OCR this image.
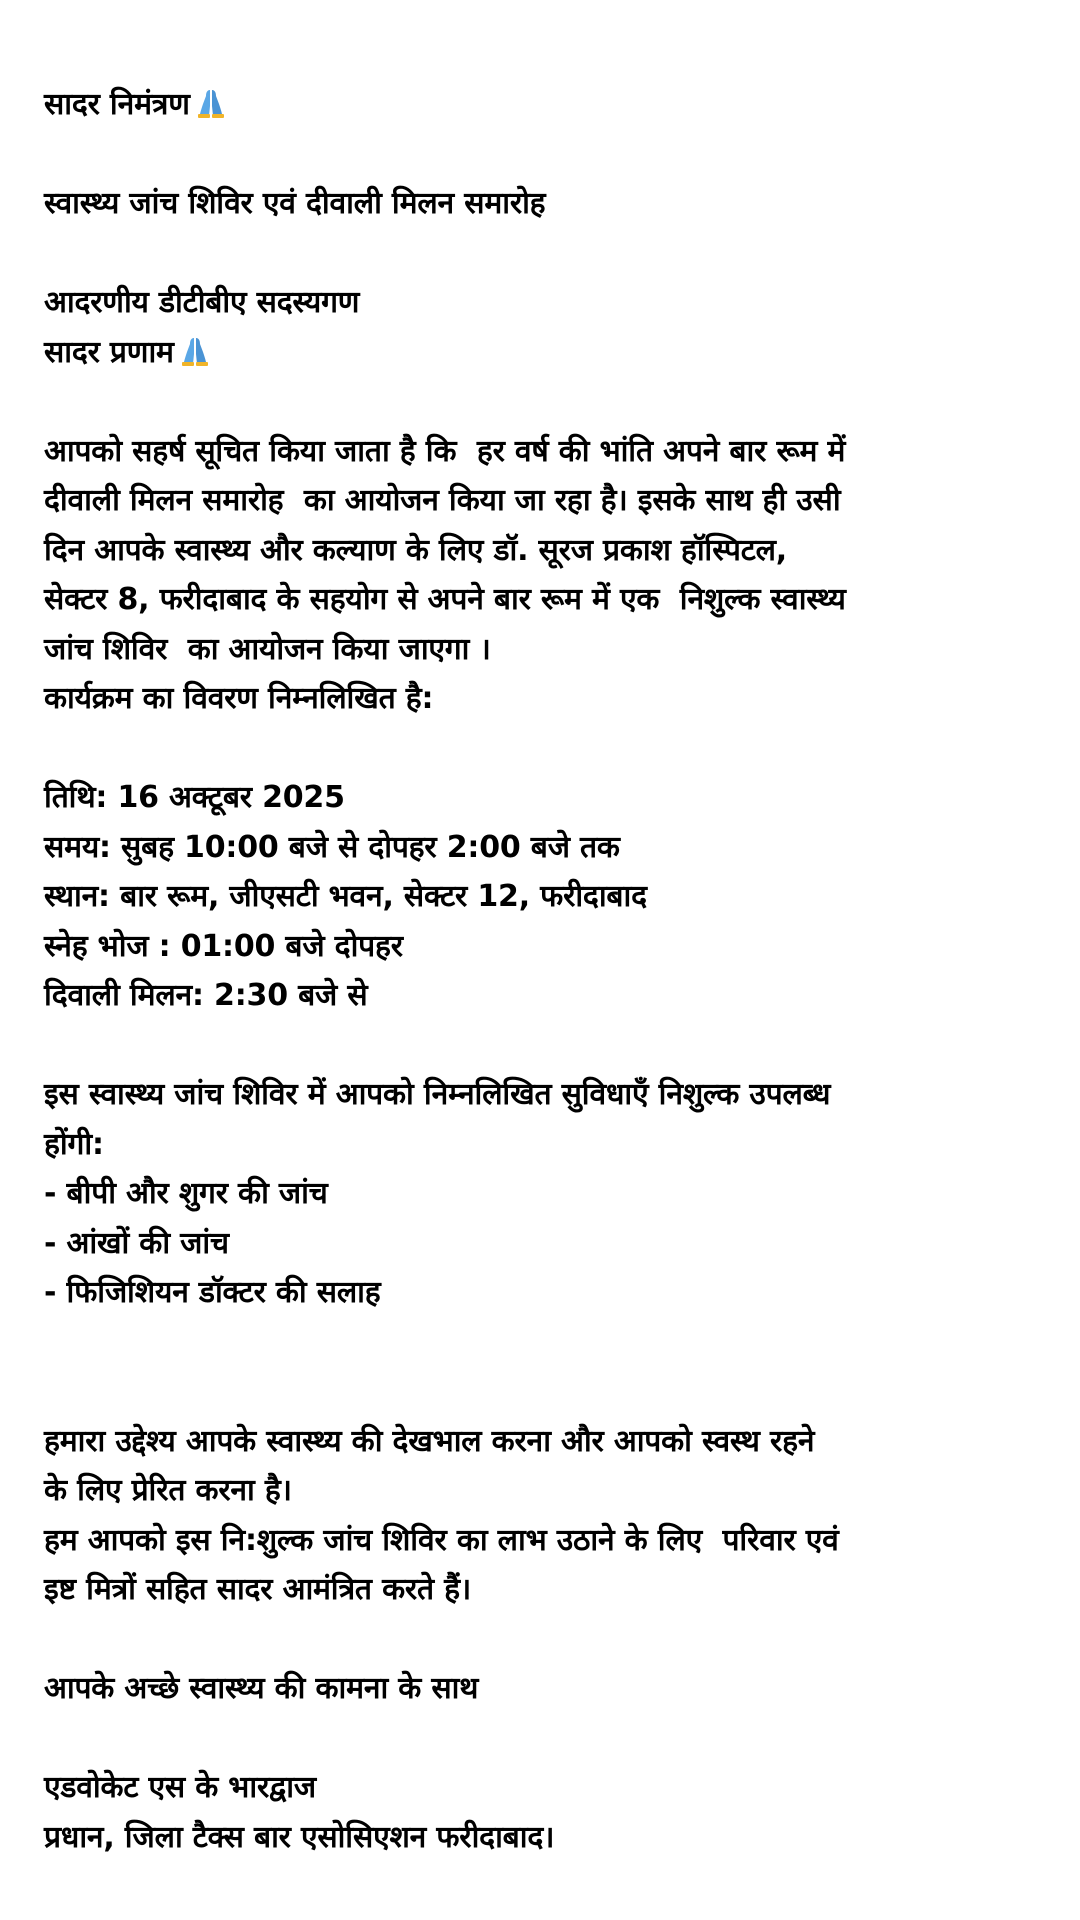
सादर निमंत्रण
स्वास्थ्य जांच शिविर एवं दीवाली मिलन समारोह
आदरणीय डीटीबीए सदस्यगण
सादर प्रणाम
आपको सहर्ष सूचित किया जाता है कि  हर वर्ष की भांति अपने बार रूम में
दीवाली मिलन समारोह  का आयोजन किया जा रहा है। इसके साथ ही उसी
दिन आपके स्वास्थ्य और कल्याण के लिए डॉ. सूरज प्रकाश हॉस्पिटल,
सेक्टर 8, फरीदाबाद के सहयोग से अपने बार रूम में एक  निशुल्क स्वास्थ्य
जांच शिविर  का आयोजन किया जाएगा ।
कार्यक्रम का विवरण निम्नलिखित है:
तिथि: 16 अक्टूबर 2025
समय: सुबह 10:00 बजे से दोपहर 2:00 बजे तक
स्थान: बार रूम, जीएसटी भवन, सेक्टर 12, फरीदाबाद
स्नेह भोज : 01:00 बजे दोपहर
दिवाली मिलन: 2:30 बजे से
इस स्वास्थ्य जांच शिविर में आपको निम्नलिखित सुविधाएँ निशुल्क उपलब्ध
होंगी:
- बीपी और शुगर की जांच
- आंखों की जांच
- फिजिशियन डॉक्टर की सलाह
हमारा उद्देश्य आपके स्वास्थ्य की देखभाल करना और आपको स्वस्थ रहने
के लिए प्रेरित करना है।
हम आपको इस नि:शुल्क जांच शिविर का लाभ उठाने के लिए  परिवार एवं
इष्ट मित्रों सहित सादर आमंत्रित करते हैं।
आपके अच्छे स्वास्थ्य की कामना के साथ
एडवोकेट एस के भारद्वाज
प्रधान, जिला टैक्स बार एसोसिएशन फरीदाबाद।
